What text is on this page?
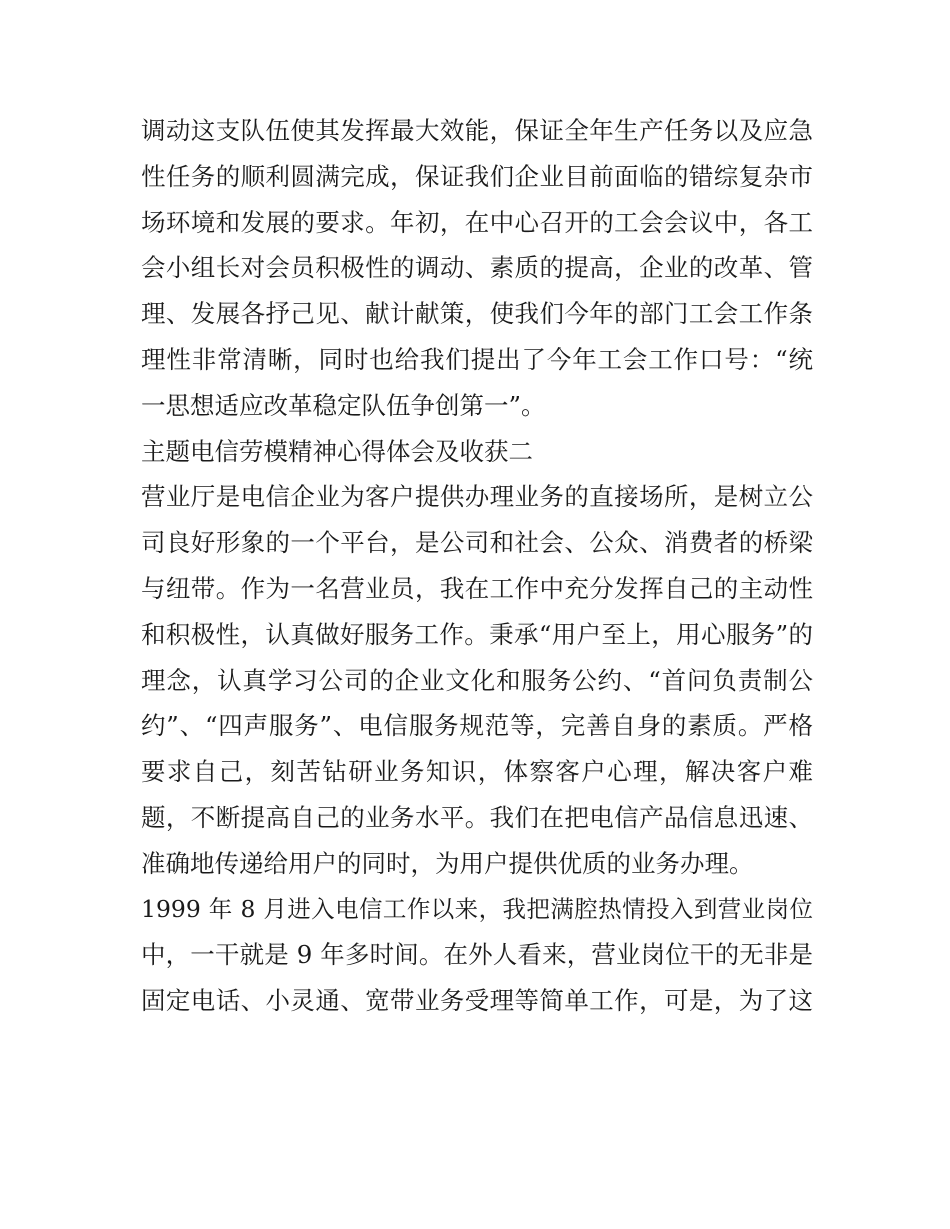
调动这支队伍使其发挥最大效能，保证全年生产任务以及应急
性任务的顺利圆满完成，保证我们企业目前面临的错综复杂市
场环境和发展的要求。年初，在中心召开的工会会议中，各工
会小组长对会员积极性的调动、素质的提高，企业的改革、管
理、发展各抒己见、献计献策，使我们今年的部门工会工作条
理性非常清晰，同时也给我们提出了今年工会工作口号：“统
一思想适应改革稳定队伍争创第一”。
主题电信劳模精神心得体会及收获二
营业厅是电信企业为客户提供办理业务的直接场所，是树立公
司良好形象的一个平台，是公司和社会、公众、消费者的桥梁
与纽带。作为一名营业员，我在工作中充分发挥自己的主动性
和积极性，认真做好服务工作。秉承“用户至上，用心服务”的
理念，认真学习公司的企业文化和服务公约、“首问负责制公
约”、“四声服务”、电信服务规范等，完善自身的素质。严格
要求自己，刻苦钻研业务知识，体察客户心理，解决客户难
题，不断提高自己的业务水平。我们在把电信产品信息迅速、
准确地传递给用户的同时，为用户提供优质的业务办理。
1999 年 8 月进入电信工作以来，我把满腔热情投入到营业岗位
中，一干就是 9 年多时间。在外人看来，营业岗位干的无非是
固定电话、小灵通、宽带业务受理等简单工作，可是，为了这
